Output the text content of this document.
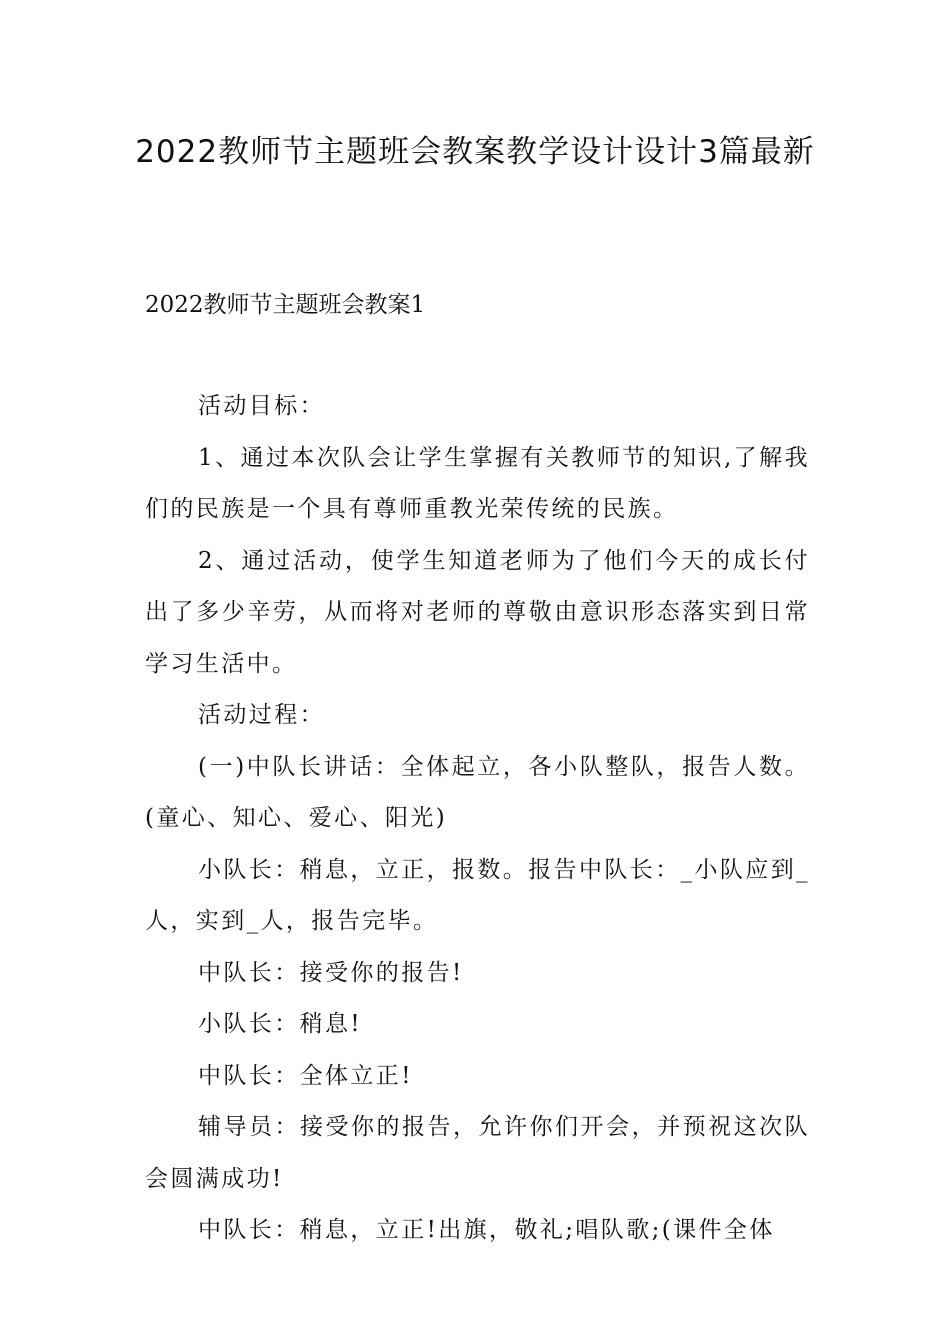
2022教师节主题班会教案教学设计设计3篇最新
2022教师节主题班会教案1

活动目标：

1、通过本次队会让学生掌握有关教师节的知识,了解我们的民族是一个具有尊师重教光荣传统的民族。

2、通过活动，使学生知道老师为了他们今天的成长付出了多少辛劳，从而将对老师的尊敬由意识形态落实到日常学习生活中。

活动过程：

(一)中队长讲话：全体起立，各小队整队，报告人数。(童心、知心、爱心、阳光)

小队长：稍息，立正，报数。报告中队长：_小队应到_人，实到_人，报告完毕。

中队长：接受你的报告!

小队长：稍息!

中队长：全体立正!

辅导员：接受你的报告，允许你们开会，并预祝这次队会圆满成功!

中队长：稍息，立正!出旗，敬礼;唱队歌;(课件全体
